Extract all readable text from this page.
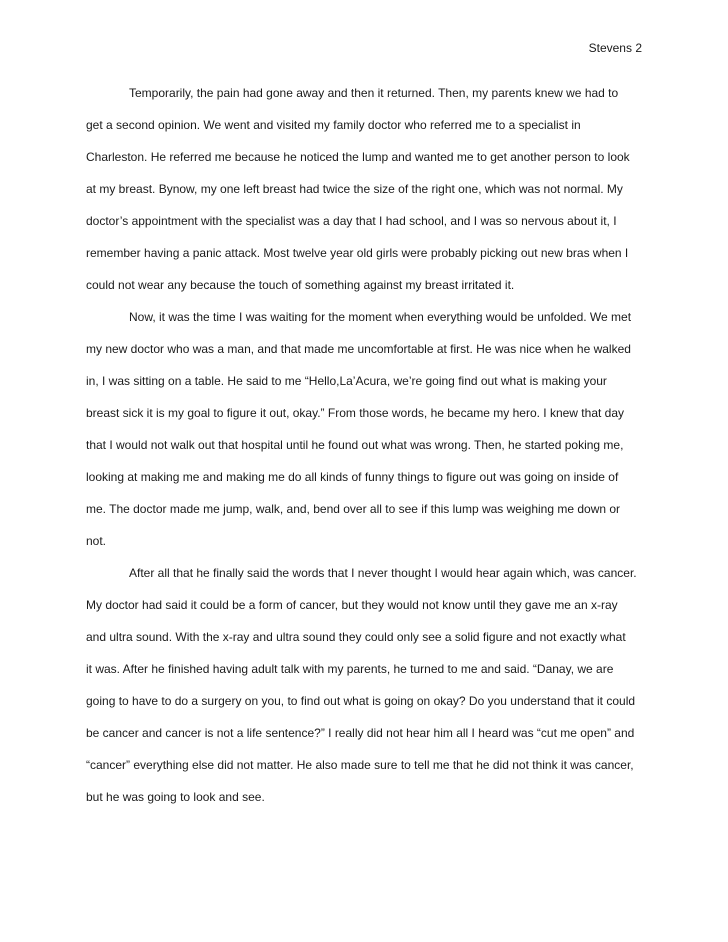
Stevens 2
Temporarily, the pain had gone away and then it returned. Then, my parents knew we had to
get a second opinion. We went and visited my family doctor who referred me to a specialist in
Charleston. He referred me because he noticed the lump and wanted me to get another person to look
at my breast. Bynow, my one left breast had twice the size of the right one, which was not normal. My
doctor’s appointment with the specialist was a day that I had school, and I was so nervous about it, I
remember having a panic attack. Most twelve year old girls were probably picking out new bras when I
could not wear any because the touch of something against my breast irritated it.
Now, it was the time I was waiting for the moment when everything would be unfolded. We met
my new doctor who was a man, and that made me uncomfortable at first. He was nice when he walked
in, I was sitting on a table. He said to me “Hello,La’Acura, we’re going find out what is making your
breast sick it is my goal to figure it out, okay.” From those words, he became my hero. I knew that day
that I would not walk out that hospital until he found out what was wrong. Then, he started poking me,
looking at making me and making me do all kinds of funny things to figure out was going on inside of
me. The doctor made me jump, walk, and, bend over all to see if this lump was weighing me down or
not.
After all that he finally said the words that I never thought I would hear again which, was cancer.
My doctor had said it could be a form of cancer, but they would not know until they gave me an x-ray
and ultra sound. With the x-ray and ultra sound they could only see a solid figure and not exactly what
it was. After he finished having adult talk with my parents, he turned to me and said. “Danay, we are
going to have to do a surgery on you, to find out what is going on okay? Do you understand that it could
be cancer and cancer is not a life sentence?” I really did not hear him all I heard was “cut me open” and
“cancer” everything else did not matter. He also made sure to tell me that he did not think it was cancer,
but he was going to look and see.
